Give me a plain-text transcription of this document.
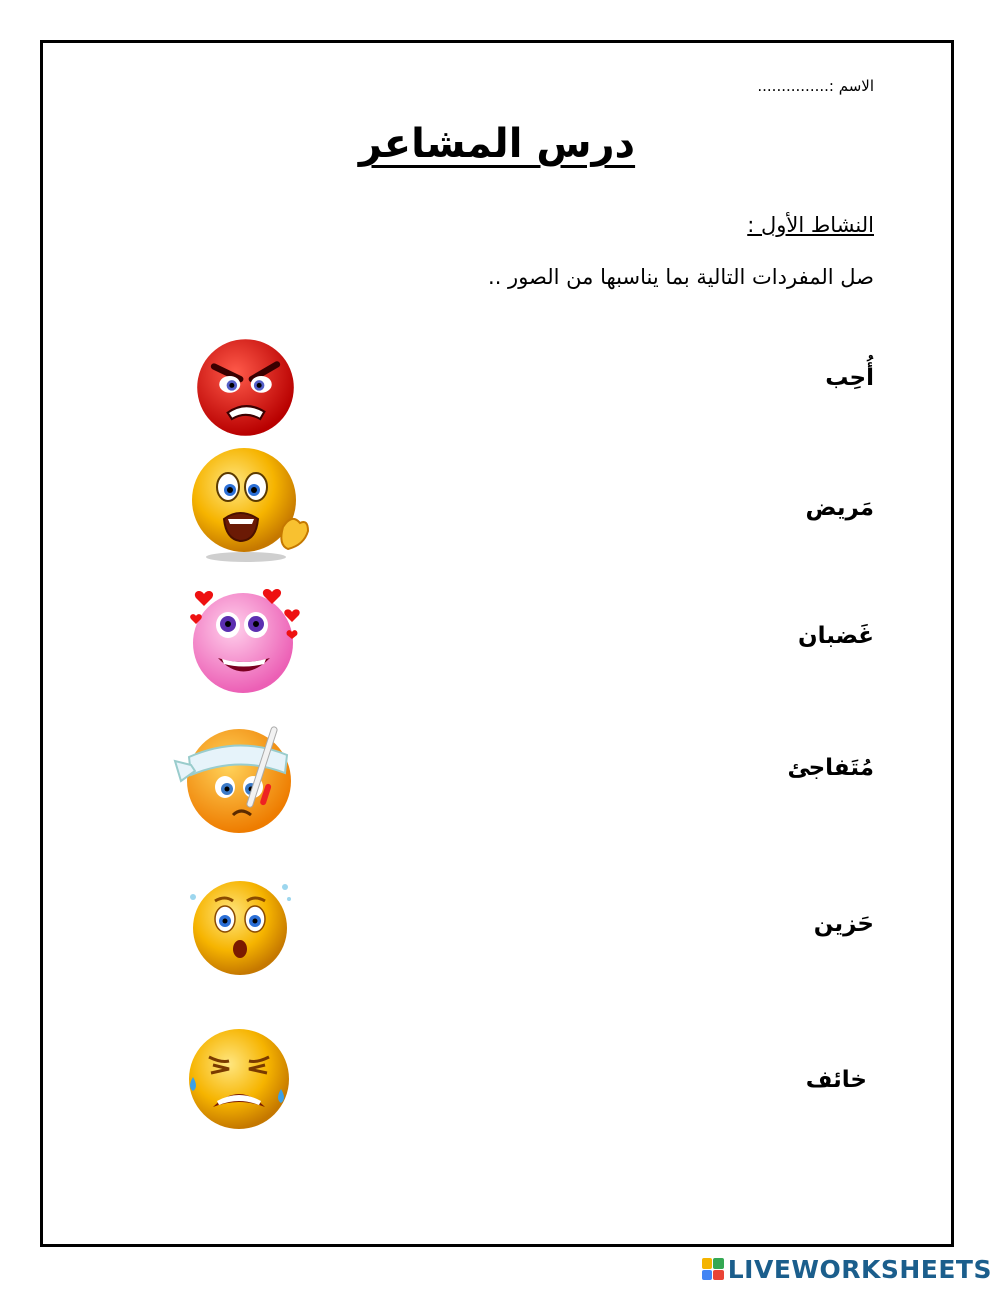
الاسم :...............
درس المشاعر
النشاط الأول :
صل المفردات التالية بما يناسبها من الصور ..
أُحِب
مَريض
غَضبان
مُتَفاجئ
حَزين
خائف
LIVEWORKSHEETS
